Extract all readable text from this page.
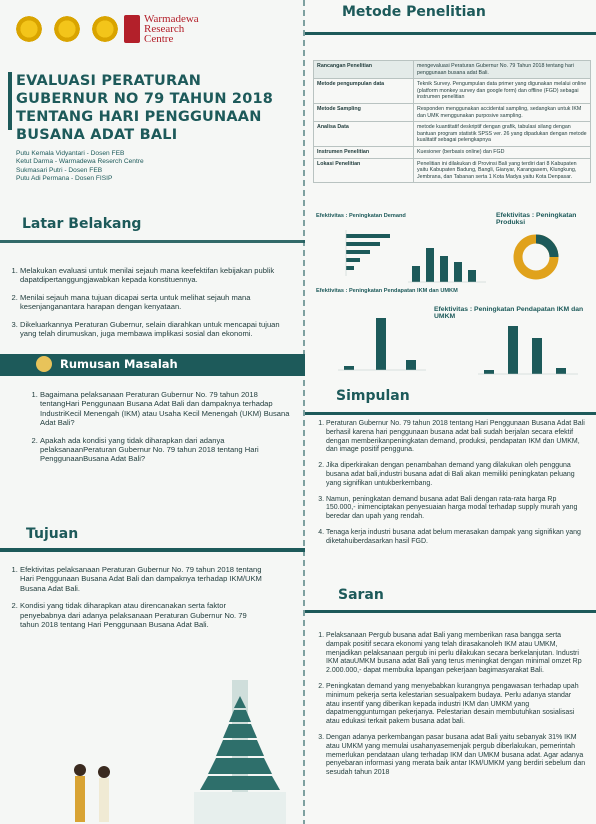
Warmadewa
Research
Centre
EVALUASI PERATURAN GUBERNUR NO 79 TAHUN 2018 TENTANG HARI PENGGUNAAN BUSANA ADAT BALI
Putu Kemala Vidyantari - Dosen FEB
Ketut Darma - Warmadewa Reserch Centre
Sukmasari Putri - Dosen FEB
Putu Adi Permana - Dosen FISIP
Latar Belakang
1. Melakukan evaluasi untuk menilai sejauh mana keefektifan kebijakan publik dapatdipertanggungjawabkan kepada konstituennya.
2. Menilai sejauh mana tujuan dicapai serta untuk melihat sejauh mana kesenjanganantara harapan dengan kenyataan.
3. Dikeluarkannya Peraturan Gubernur, selain diarahkan untuk mencapai tujuan yang telah dirumuskan, juga membawa implikasi sosial dan ekonomi.
Rumusan Masalah
1. Bagaimana pelaksanaan Peraturan Gubernur No. 79 tahun 2018 tentangHari Penggunaan Busana Adat Bali dan dampaknya terhadap IndustriKecil Menengah (IKM) atau Usaha Kecil Menengah (UKM) Busana Adat Bali?
2. Apakah ada kondisi yang tidak diharapkan dari adanya pelaksanaanPeraturan Gubernur No. 79 tahun 2018 tentang Hari PenggunaanBusana Adat Bali?
Tujuan
1. Efektivitas pelaksanaan Peraturan Gubernur No. 79 tahun 2018 tentang Hari Penggunaan Busana Adat Bali dan dampaknya terhadap IKM/UKM Busana Adat Bali.
2. Kondisi yang tidak diharapkan atau direncanakan serta faktor penyebabnya dari adanya pelaksanaan Peraturan Gubernur No. 79 tahun 2018 tentang Hari Penggunaan Busana Adat Bali.
Metode Penelitian
Rancangan Penelitian	mengevaluasi Peraturan Gubernur No. 79 Tahun 2018 tentang hari penggunaan busana adat Bali.
Metode pengumpulan data	Teknik Survey. Pengumpulan data primer yang digunakan melalui online (platform monkey survey dan google form) dan offline (FGD) sebagai instrumen penelitian
Metode Sampling	Responden menggunakan accidental sampling, sedangkan untuk IKM dan UMK menggunakan purposive sampling.
Analisa Data	metode kuantitatif deskriptif dengan grafik, tabulasi silang dengan bantuan program statistik SPSS ver. 26 yang dipadukan dengan metode kualitatif sebagai pelengkapnya
Instrumen Penelitian	Kuesioner (berbasis online) dan FGD
Lokasi Penelitian	Penelitian ini dilakukan di Provinsi Bali yang terdiri dari 8 Kabupaten yaitu Kabupaten Badung, Bangli, Gianyar, Karangasem, Klungkung, Jembrana, dan Tabanan serta 1 Kota Madya yaitu Kota Denpasar.
Efektivitas : Peningkatan Demand	Efektivitas : Peningkatan Produksi
Efektivitas : Peningkatan Pendapatan IKM dan UMKM
Efektivitas : Peningkatan Pendapatan IKM dan UMKM
Simpulan
1. Peraturan Gubernur No. 79 tahun 2018 tentang Hari Penggunaan Busana Adat Bali berhasil karena hari penggunaan busana adat bali sudah berjalan secara efektif dengan memberikanpeningkatan demand, produksi, pendapatan IKM dan UMKM, dan image positif pengguna.
2. Jika diperkirakan dengan penambahan demand yang dilakukan oleh pengguna busana adat bali,industri busana adat di Bali akan memiliki peningkatan peluang yang signifikan untukberkembang.
3. Namun, peningkatan demand busana adat Bali dengan rata-rata harga Rp 150.000,- inimenciptakan penyesuaian harga modal terhadap supply murah yang beredar dan upah yang rendah.
4. Tenaga kerja industri busana adat belum merasakan dampak yang signifikan yang diketahuiberdasarkan hasil FGD.
Saran
1. Pelaksanaan Pergub busana adat Bali yang memberikan rasa bangga serta dampak positif secara ekonomi yang telah dirasakanoleh IKM atau UMKM, menjadikan pelaksanaan pergub ini perlu dilakukan secara berkelanjutan. Industri IKM atauUMKM busana adat Bali yang terus meningkat dengan minimal omzet Rp 2.000.000,- dapat membuka lapangan pekerjaan bagimasyarakat Bali.
2. Peningkatan demand yang menyebabkan kurangnya pengawasan terhadap upah minimum pekerja serta kelestarian sesualpakem budaya. Perlu adanya standar atau insentif yang diberikan kepada industri IKM dan UMKM yang dapatmenggunturngan pekerjanya. Pelestarian desain membutuhkan sosialisasi atau edukasi terkait pakem busana adat bali.
3. Dengan adanya perkembangan pasar busana adat Bali yaitu sebanyak 31% IKM atau UMKM yang memulai usahanyasemenjak pergub diberlakukan, pemerintah memerlukan pendataan ulang terhadap IKM dan UMKM busana adat. Agar adanya penyebaran informasi yang merata baik antar IKM/UMKM yang berdiri sebelum dan sesudah tahun 2018
